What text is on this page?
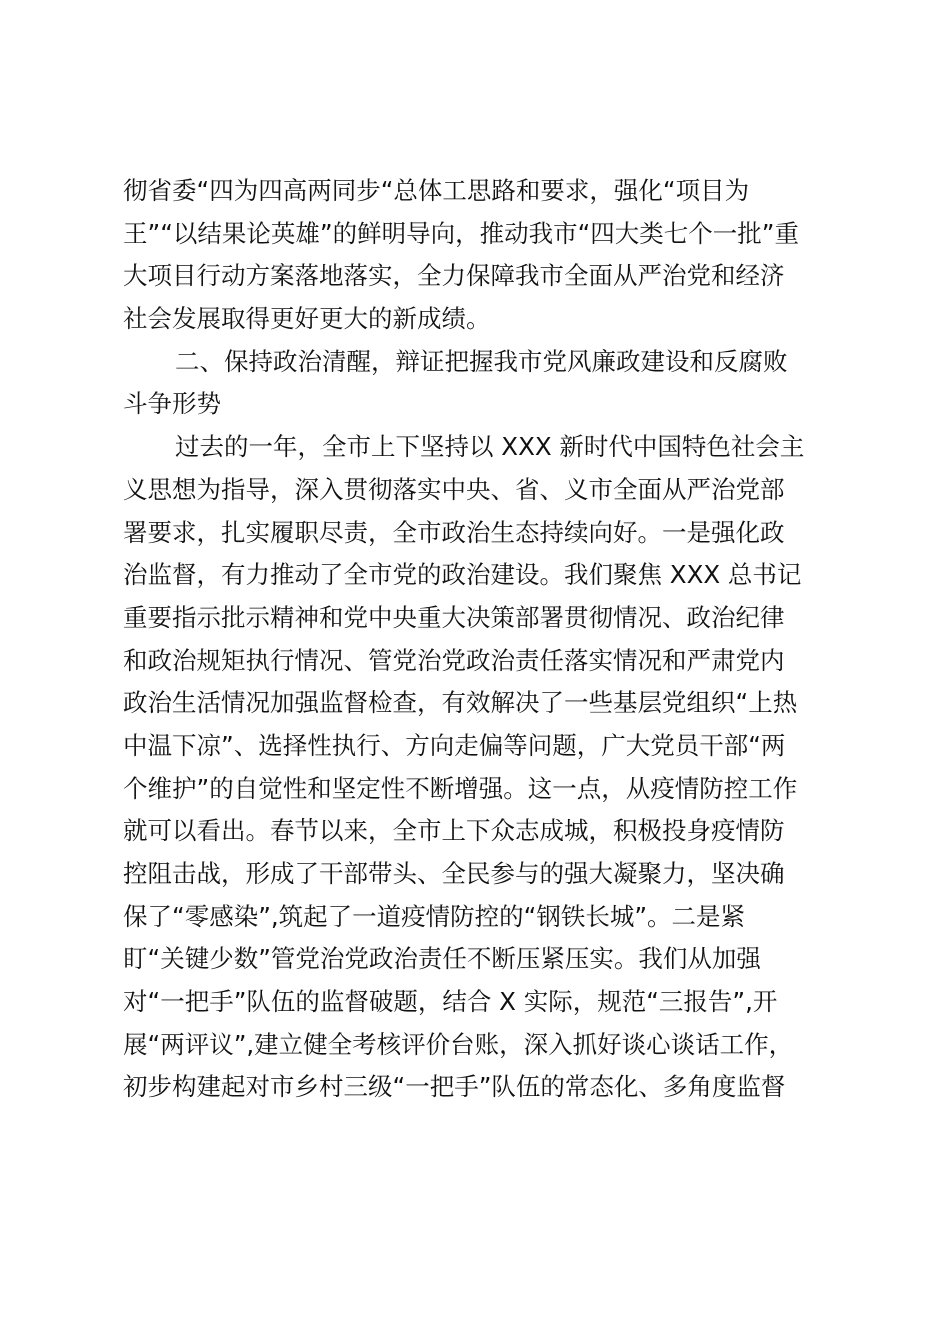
彻省委“四为四高两同步“总体工思路和要求，强化“项目为
王”“以结果论英雄”的鲜明导向，推动我市“四大类七个一批”重
大项目行动方案落地落实，全力保障我市全面从严治党和经济
社会发展取得更好更大的新成绩。
二、保持政治清醒，辩证把握我市党风廉政建设和反腐败
斗争形势
过去的一年，全市上下坚持以 XXX 新时代中国特色社会主
义思想为指导，深入贯彻落实中央、省、义市全面从严治党部
署要求，扎实履职尽责，全市政治生态持续向好。一是强化政
治监督，有力推动了全市党的政治建设。我们聚焦 XXX 总书记
重要指示批示精神和党中央重大决策部署贯彻情况、政治纪律
和政治规矩执行情况、管党治党政治责任落实情况和严肃党内
政治生活情况加强监督检查，有效解决了一些基层党组织“上热
中温下凉”、选择性执行、方向走偏等问题，广大党员干部“两
个维护”的自觉性和坚定性不断增强。这一点，从疫情防控工作
就可以看出。春节以来，全市上下众志成城，积极投身疫情防
控阻击战，形成了干部带头、全民参与的强大凝聚力，坚决确
保了“零感染”,筑起了一道疫情防控的“钢铁长城”。二是紧
盯“关键少数”管党治党政治责任不断压紧压实。我们从加强
对“一把手”队伍的监督破题，结合 X 实际，规范“三报告”,开
展“两评议”,建立健全考核评价台账，深入抓好谈心谈话工作，
初步构建起对市乡村三级“一把手”队伍的常态化、多角度监督
